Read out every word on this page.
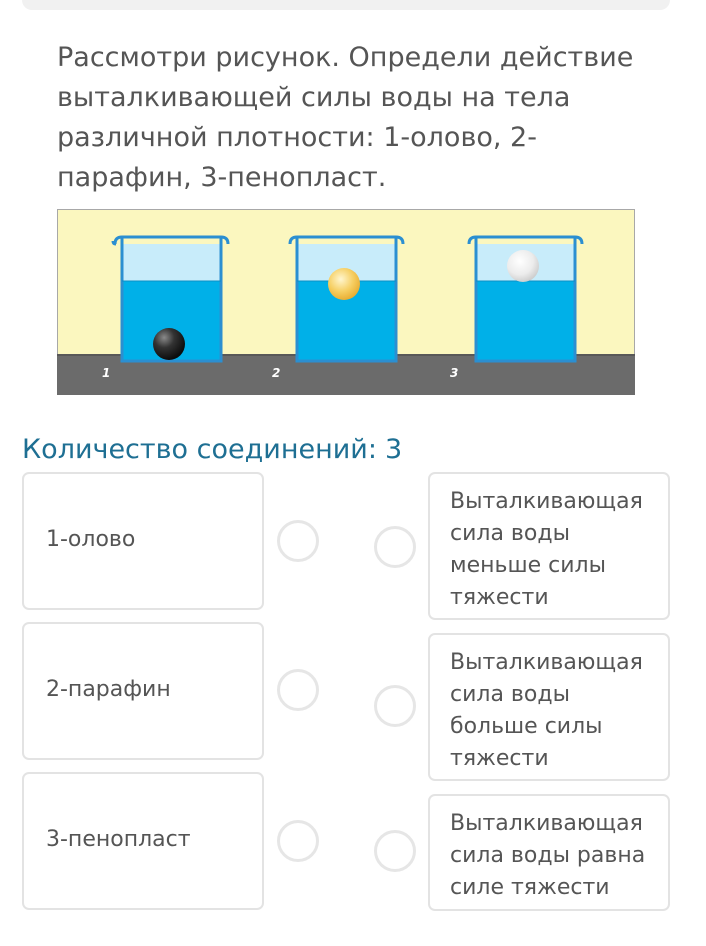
Рассмотри рисунок. Определи действие выталкивающей силы воды на тела различной плотности: 1-олово, 2-парафин, 3-пенопласт.

1	2	3

Количество соединений: 3

1-олово
2-парафин
3-пенопласт
Выталкивающая сила воды меньше силы тяжести
Выталкивающая сила воды больше силы тяжести
Выталкивающая сила воды равна силе тяжести
